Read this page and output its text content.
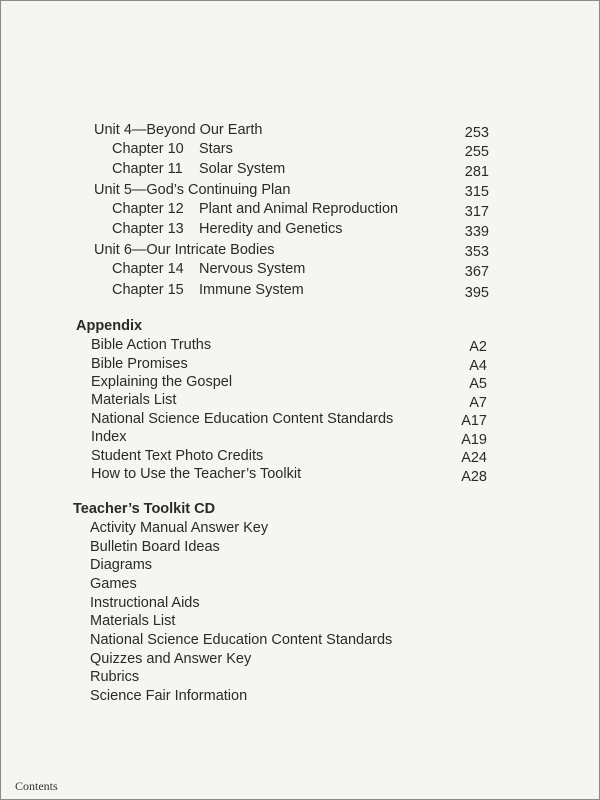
Unit 4—Beyond Our Earth	253
Chapter 10 Stars	255
Chapter 11 Solar System	281
Unit 5—God’s Continuing Plan	315
Chapter 12 Plant and Animal Reproduction	317
Chapter 13 Heredity and Genetics	339
Unit 6—Our Intricate Bodies	353
Chapter 14 Nervous System	367
Chapter 15 Immune System	395
Appendix
Bible Action Truths	A2
Bible Promises	A4
Explaining the Gospel	A5
Materials List	A7
National Science Education Content Standards	A17
Index	A19
Student Text Photo Credits	A24
How to Use the Teacher’s Toolkit	A28
Teacher’s Toolkit CD
Activity Manual Answer Key
Bulletin Board Ideas
Diagrams
Games
Instructional Aids
Materials List
National Science Education Content Standards
Quizzes and Answer Key
Rubrics
Science Fair Information
Contents
